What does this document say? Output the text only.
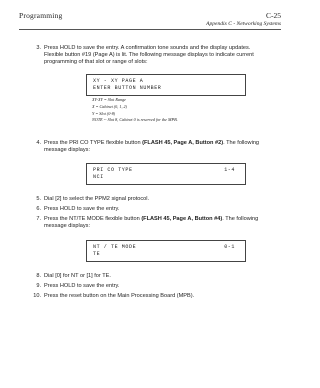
Programming	C-25
Appendix C - Networking Systems
3. Press HOLD to save the entry. A confirmation tone sounds and the display updates. Flexible button #19 (Page A) is lit. The following message displays to indicate current programming of that slot or range of slots:
XY - XY PAGE A
ENTER BUTTON NUMBER
XY-XY = Slot Range
X = Cabinet (0, 1, 2)
Y = Slot (0-8)
NOTE -- Slot 8, Cabinet 0 is reserved for the MPB.
4. Press the PRI CO TYPE flexible button (FLASH 45, Page A, Button #2). The following message displays:
PRI CO TYPE	1-4
NCI
5. Dial [2] to select the PPM2 signal protocol.
6. Press HOLD to save the entry.
7. Press the NT/TE MODE flexible button (FLASH 45, Page A, Button #4). The following message displays:
NT / TE MODE	0-1
TE
8. Dial [0] for NT or [1] for TE.
9. Press HOLD to save the entry.
10. Press the reset button on the Main Processing Board (MPB).
